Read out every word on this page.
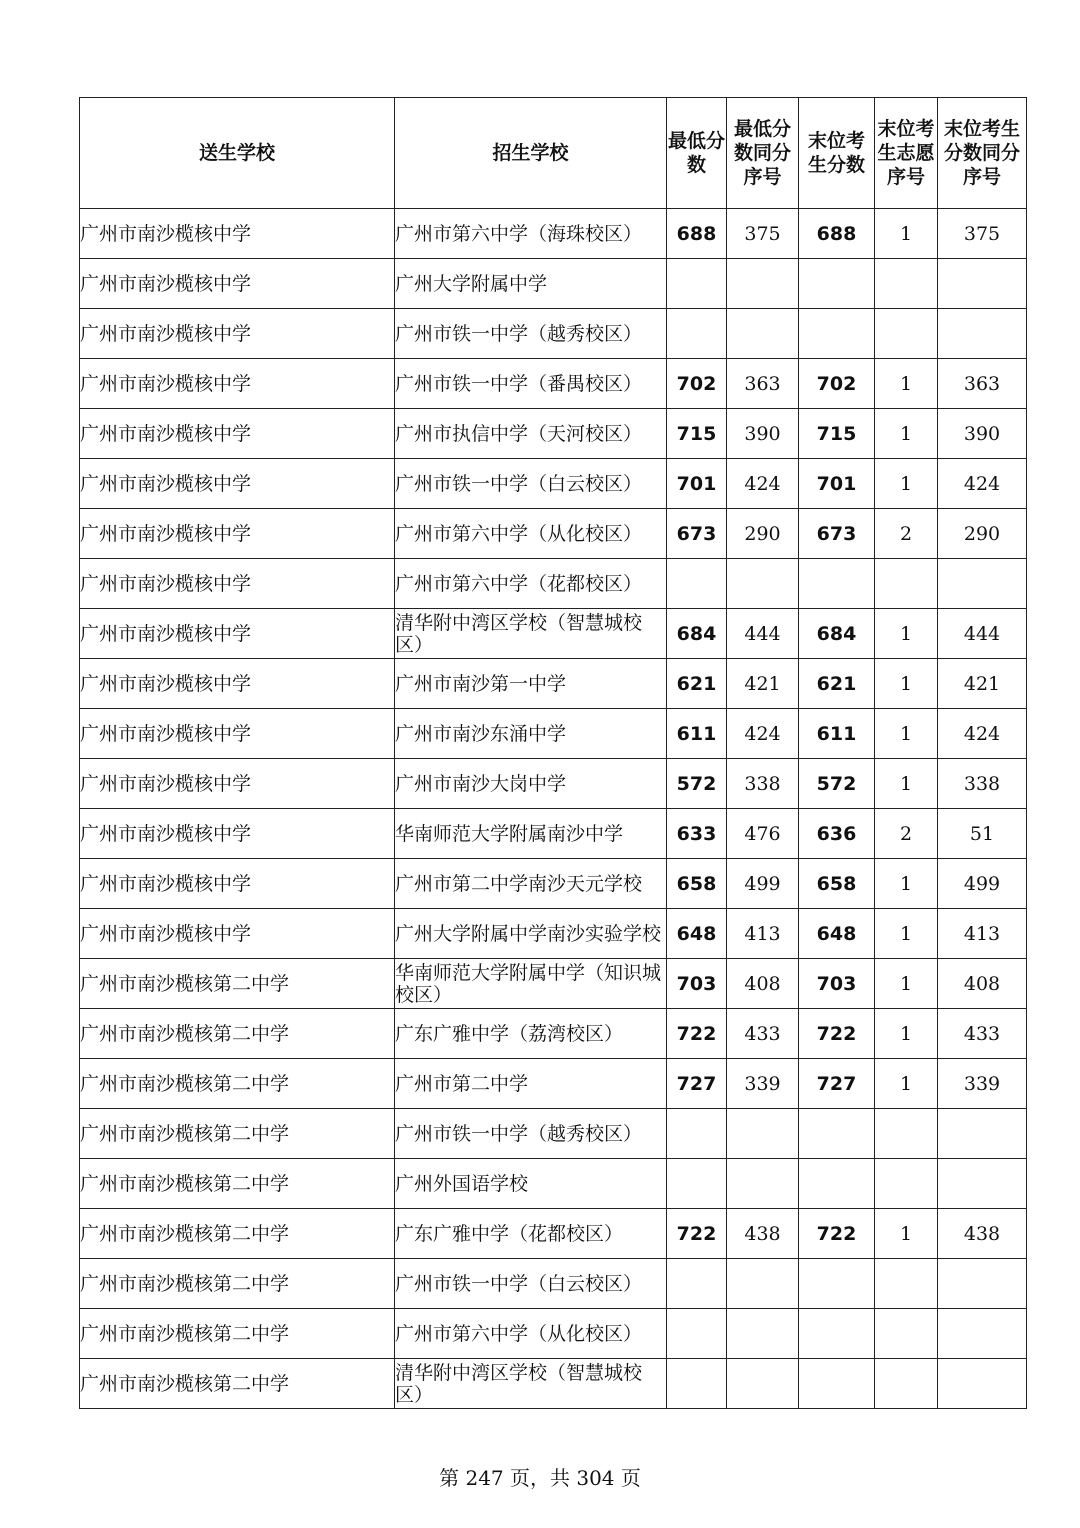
送生学校	招生学校	最低分数	最低分数同分序号	末位考生分数	末位考生志愿序号	末位考生分数同分序号
广州市南沙榄核中学	广州市第六中学（海珠校区）	688	375	688	1	375
广州市南沙榄核中学	广州大学附属中学					
广州市南沙榄核中学	广州市铁一中学（越秀校区）					
广州市南沙榄核中学	广州市铁一中学（番禺校区）	702	363	702	1	363
广州市南沙榄核中学	广州市执信中学（天河校区）	715	390	715	1	390
广州市南沙榄核中学	广州市铁一中学（白云校区）	701	424	701	1	424
广州市南沙榄核中学	广州市第六中学（从化校区）	673	290	673	2	290
广州市南沙榄核中学	广州市第六中学（花都校区）					
广州市南沙榄核中学	清华附中湾区学校（智慧城校区）	684	444	684	1	444
广州市南沙榄核中学	广州市南沙第一中学	621	421	621	1	421
广州市南沙榄核中学	广州市南沙东涌中学	611	424	611	1	424
广州市南沙榄核中学	广州市南沙大岗中学	572	338	572	1	338
广州市南沙榄核中学	华南师范大学附属南沙中学	633	476	636	2	51
广州市南沙榄核中学	广州市第二中学南沙天元学校	658	499	658	1	499
广州市南沙榄核中学	广州大学附属中学南沙实验学校	648	413	648	1	413
广州市南沙榄核第二中学	华南师范大学附属中学（知识城校区）	703	408	703	1	408
广州市南沙榄核第二中学	广东广雅中学（荔湾校区）	722	433	722	1	433
广州市南沙榄核第二中学	广州市第二中学	727	339	727	1	339
广州市南沙榄核第二中学	广州市铁一中学（越秀校区）					
广州市南沙榄核第二中学	广州外国语学校					
广州市南沙榄核第二中学	广东广雅中学（花都校区）	722	438	722	1	438
广州市南沙榄核第二中学	广州市铁一中学（白云校区）					
广州市南沙榄核第二中学	广州市第六中学（从化校区）					
广州市南沙榄核第二中学	清华附中湾区学校（智慧城校区）					
第 247 页，共 304 页
